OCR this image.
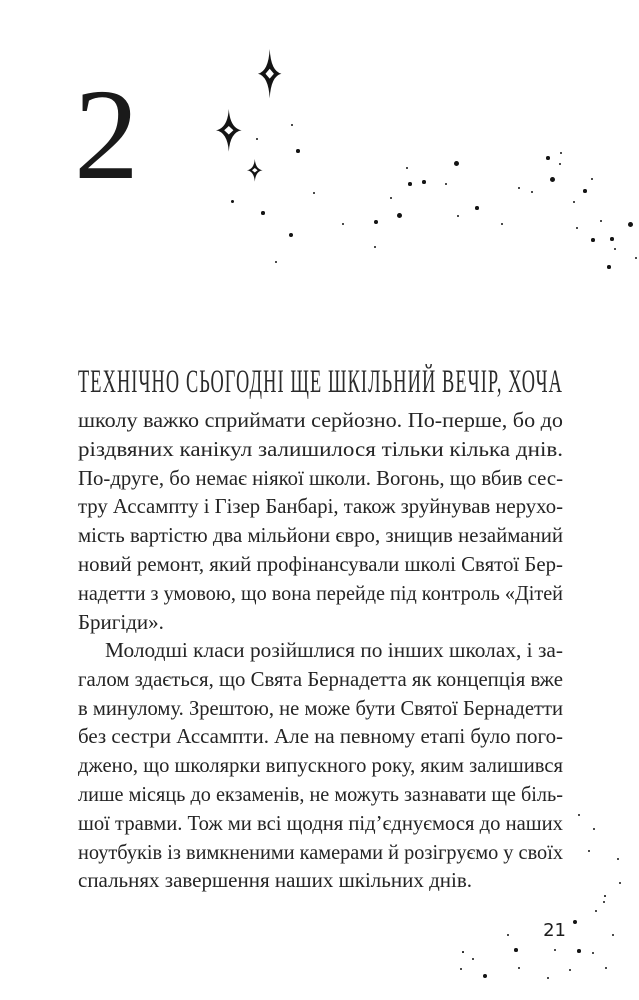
2
ТЕХНІЧНО СЬОГОДНІ ЩЕ ШКІЛЬНИЙ ВЕЧІР, ХОЧА
школу важко сприймати серйозно. По-перше, бо до
різдвяних канікул залишилося тільки кілька днів.
По-друге, бо немає ніякої школи. Вогонь, що вбив сес-
тру Ассампту і Гізер Банбарі, також зруйнував нерухо-
мість вартістю два мільйони євро, знищив незайманий
новий ремонт, який профінансували школі Святої Бер-
надетти з умовою, що вона перейде під контроль «Дітей
Бригіди».
Молодші класи розійшлися по інших школах, і за-
галом здається, що Свята Бернадетта як концепція вже
в минулому. Зрештою, не може бути Святої Бернадетти
без сестри Ассампти. Але на певному етапі було пого-
джено, що школярки випускного року, яким залишився
лише місяць до екзаменів, не можуть зазнавати ще біль-
шої травми. Тож ми всі щодня під’єднуємося до наших
ноутбуків із вимкненими камерами й розігруємо у своїх
спальнях завершення наших шкільних днів.
21
